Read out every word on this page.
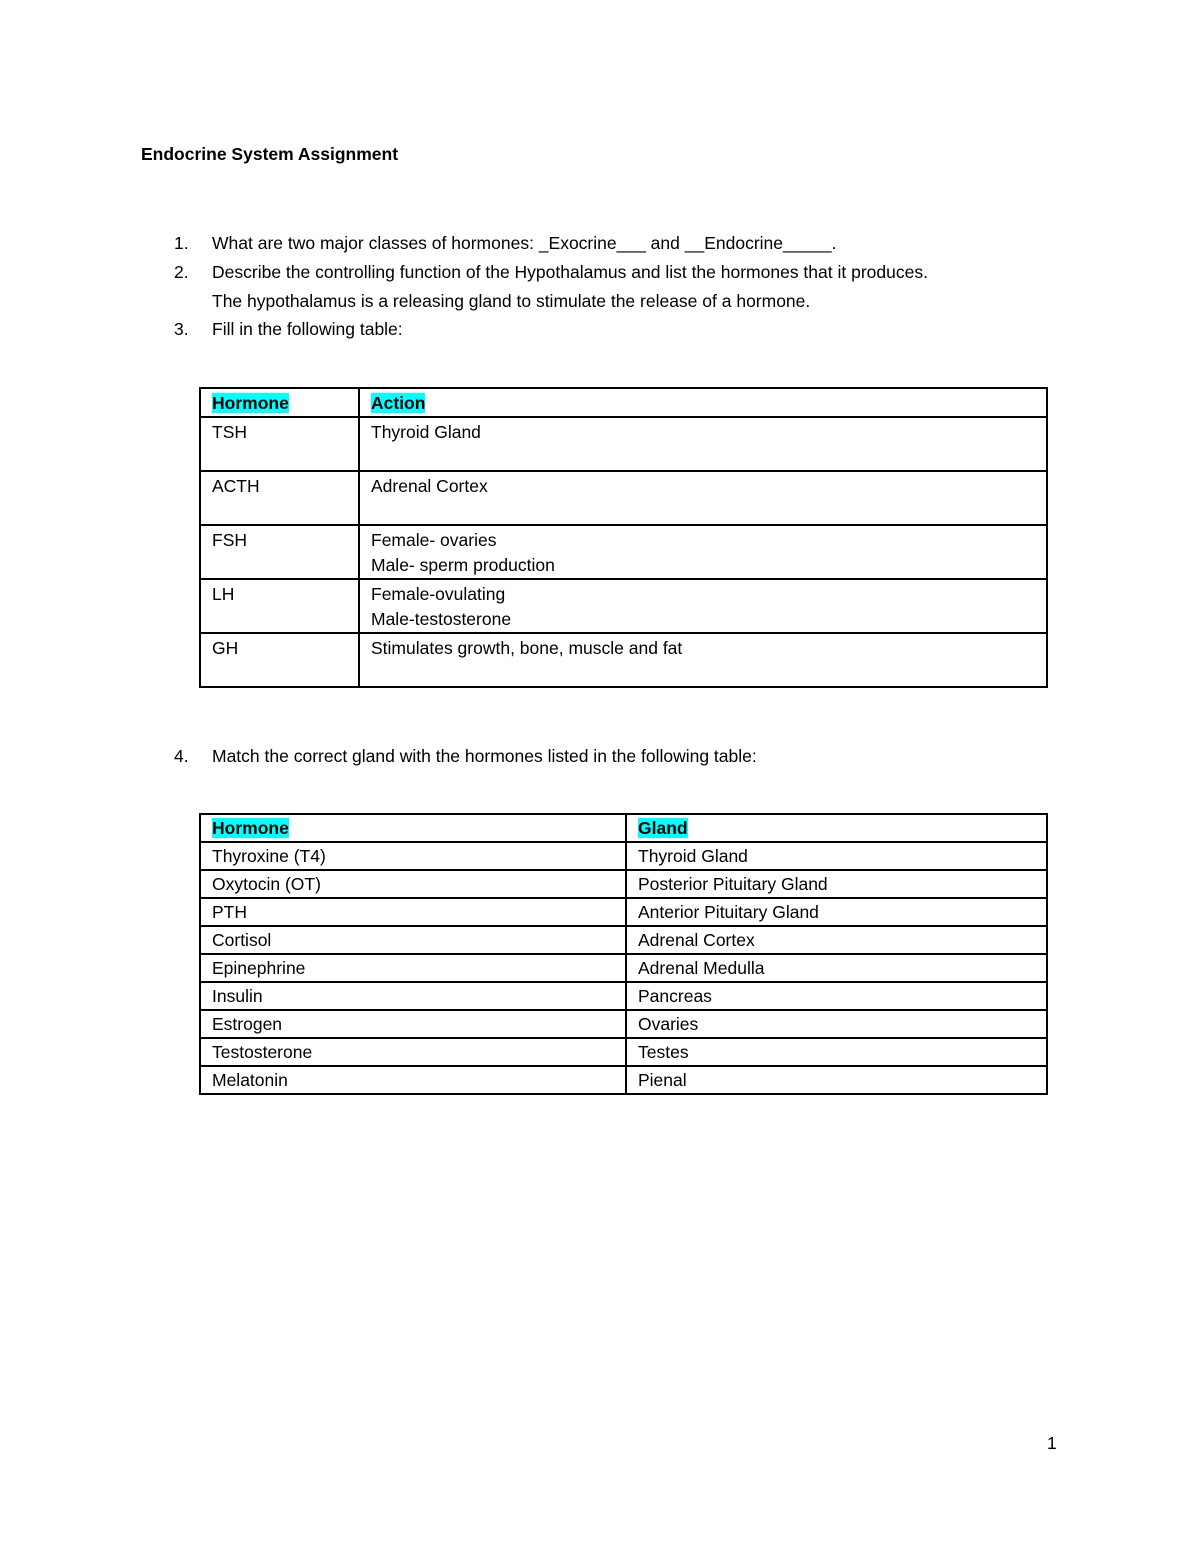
Endocrine System Assignment
1.	What are two major classes of hormones: _Exocrine___ and __Endocrine_____.
2.	Describe the controlling function of the Hypothalamus and list the hormones that it produces.
The hypothalamus is a releasing gland to stimulate the release of a hormone.
3.	Fill in the following table:
Hormone	Action
TSH	Thyroid Gland

ACTH	Adrenal Cortex

FSH	Female- ovaries
Male- sperm production

LH	Female-ovulating
Male-testosterone

GH	Stimulates growth, bone, muscle and fat
4.	Match the correct gland with the hormones listed in the following table:
Hormone	Gland
Thyroxine (T4)	Thyroid Gland
Oxytocin (OT)	Posterior Pituitary Gland
PTH	Anterior Pituitary Gland
Cortisol	Adrenal Cortex
Epinephrine	Adrenal Medulla
Insulin	Pancreas
Estrogen	Ovaries
Testosterone	Testes
Melatonin	Pienal
1
